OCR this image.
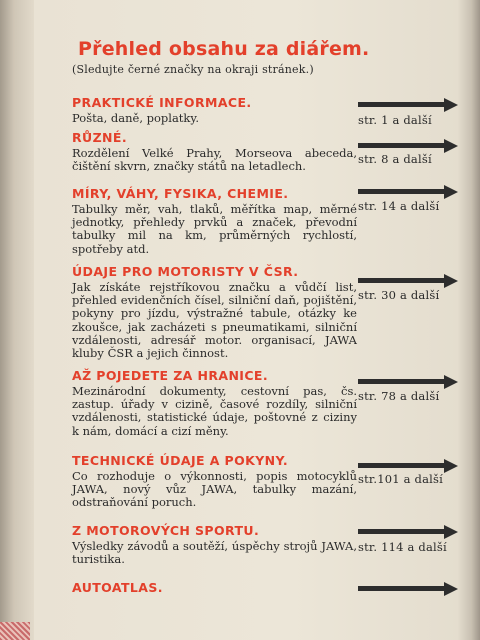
Přehled obsahu za diářem.

(Sledujte černé značky na okraji stránek.)

PRAKTICKÉ INFORMACE.
Pošta, daně, poplatky.	str. 1 a další
RŮZNÉ.
Rozdělení Velké Prahy, Morseova abeceda, čištění skvrn, značky států na letadlech.
str. 8 a další
MÍRY, VÁHY, FYSIKA, CHEMIE.
Tabulky měr, vah, tlaků, měřítka map, měrné jednotky, přehledy prvků a značek, převodní tabulky mil na km, průměrných rychlostí, spotřeby atd.
str. 14 a další
ÚDAJE PRO MOTORISTY V ČSR.
Jak získáte rejstříkovou značku a vůdčí list, přehled evidenčních čísel, silniční daň, pojištění, pokyny pro jízdu, výstražné tabule, otázky ke zkoušce, jak zacházeti s pneumatikami, silniční vzdálenosti, adresář motor. organisací, JAWA kluby ČSR a jejich činnost.
str. 30 a další
AŽ POJEDETE ZA HRANICE.
Mezinárodní dokumenty, cestovní pas, čs. zastup. úřady v cizině, časové rozdíly, silniční vzdálenosti, statistické údaje, poštovné z ciziny k nám, domácí a cizí měny.
str. 78 a další
TECHNICKÉ ÚDAJE A POKYNY.
Co rozhoduje o výkonnosti, popis motocyklů JAWA, nový vůz JAWA, tabulky mazání, odstraňování poruch.
str.101 a další
Z MOTOROVÝCH SPORTU.
Výsledky závodů a soutěží, úspěchy strojů JAWA, turistika.
str. 114 a další
AUTOATLAS.
